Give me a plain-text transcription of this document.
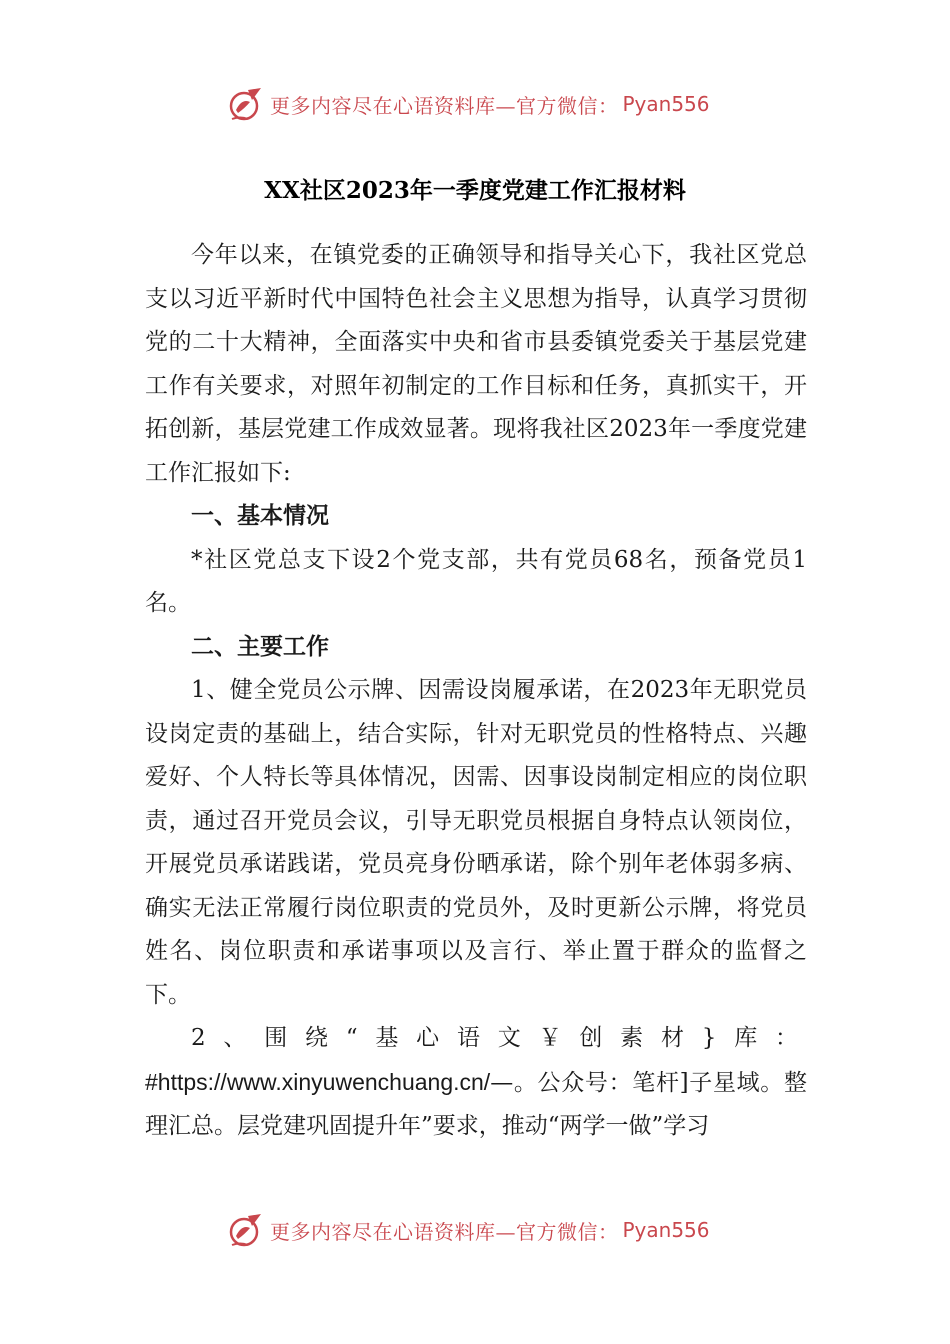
更多内容尽在心语资料库—官方微信： Pyan556
XX社区2023年一季度党建工作汇报材料

今年以来，在镇党委的正确领导和指导关心下，我社区党总支以习近平新时代中国特色社会主义思想为指导，认真学习贯彻党的二十大精神，全面落实中央和省市县委镇党委关于基层党建工作有关要求，对照年初制定的工作目标和任务，真抓实干，开拓创新，基层党建工作成效显著。现将我社区2023年一季度党建工作汇报如下:

一、基本情况

*社区党总支下设2个党支部，共有党员68名，预备党员1名。

二、主要工作

1、健全党员公示牌、因需设岗履承诺，在2023年无职党员设岗定责的基础上，结合实际，针对无职党员的性格特点、兴趣爱好、个人特长等具体情况，因需、因事设岗制定相应的岗位职责，通过召开党员会议，引导无职党员根据自身特点认领岗位，开展党员承诺践诺，党员亮身份晒承诺，除个别年老体弱多病、确实无法正常履行岗位职责的党员外，及时更新公示牌，将党员姓名、岗位职责和承诺事项以及言行、举止置于群众的监督之下。

2、围绕“基心语文￥创素材}库：#https://www.xinyuwenchuang.cn/—。公众号：笔杆]子星域。整理汇总。层党建巩固提升年”要求，推动“两学一做”学习

更多内容尽在心语资料库—官方微信： Pyan556
